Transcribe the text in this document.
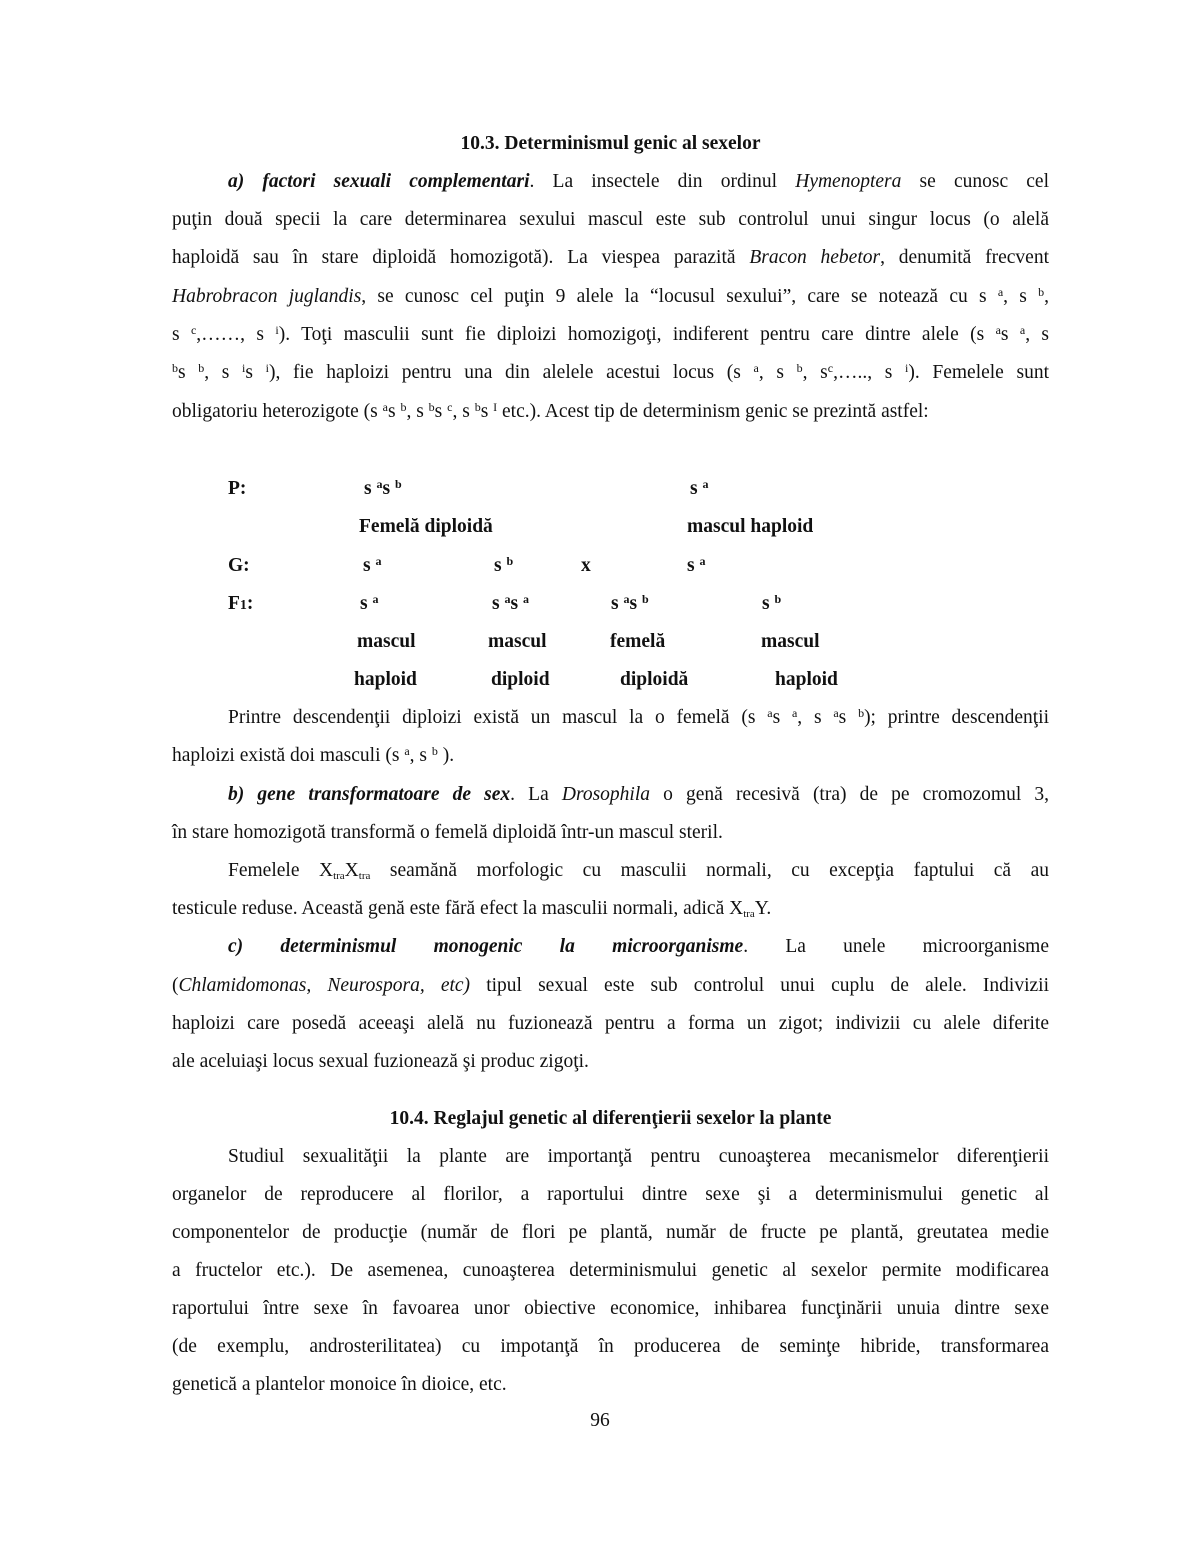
10.3. Determinismul genic al sexelor
a) factori sexuali complementari. La insectele din ordinul Hymenoptera se cunosc cel
puţin două specii la care determinarea sexului mascul este sub controlul unui singur locus (o alelă
haploidă sau în stare diploidă homozigotă). La viespea parazită Bracon hebetor, denumită frecvent
Habrobracon juglandis, se cunosc cel puţin 9 alele la “locusul sexului”, care se notează cu s $^a$, s $^b$,
s $^c$,……, s $^i$). Toţi masculii sunt fie diploizi homozigoţi, indiferent pentru care dintre alele (s $^a$s $^a$, s
$^b$s $^b$, s $^i$s $^i$), fie haploizi pentru una din alelele acestui locus (s $^a$, s $^b$, $s^c,\dots$.., s $^i$). Femelele sunt
obligatoriu heterozigote (s $^a$s $^b$, s $^b$s $^c$, s $^b$s $^I$ etc.). Acest tip de determinism genic se prezintă astfel:
P:	s $^a$s $^b$	s $^a$
Femelă diploidă	mascul haploid
G:	s $^a$	s $^b$	x	s $^a$
F1:	s $^a$	s $^a$s $^a$	s $^a$s $^b$	s $^b$
mascul	mascul	femelă	mascul
haploid	diploid	diploidă	haploid
Printre descendenţii diploizi există un mascul la o femelă (s $^a$s $^a$, s $^a$s $^b$); printre descendenţii
haploizi există doi masculi (s $^a$, s $^b$ ).
b) gene transformatoare de sex. La Drosophila o genă recesivă (tra) de pe cromozomul 3,
în stare homozigotă transformă o femelă diploidă într-un mascul steril.
Femelele $X_{tra}X_{tra}$ seamănă morfologic cu masculii normali, cu excepţia faptului că au
testicule reduse. Această genă este fără efect la masculii normali, adică $X_{tra}Y$.
c) determinismul monogenic la microorganisme. La unele microorganisme
(Chlamidomonas, Neurospora, etc) tipul sexual este sub controlul unui cuplu de alele. Indivizii
haploizi care posedă aceeaşi alelă nu fuzionează pentru a forma un zigot; indivizii cu alele diferite
ale aceluiaşi locus sexual fuzionează şi produc zigoţi.
10.4. Reglajul genetic al diferenţierii sexelor la plante
Studiul sexualităţii la plante are importanţă pentru cunoaşterea mecanismelor diferenţierii
organelor de reproducere al florilor, a raportului dintre sexe şi a determinismului genetic al
componentelor de producţie (număr de flori pe plantă, număr de fructe pe plantă, greutatea medie
a fructelor etc.). De asemenea, cunoaşterea determinismului genetic al sexelor permite modificarea
raportului între sexe în favoarea unor obiective economice, inhibarea funcţinării unuia dintre sexe
(de exemplu, androsterilitatea) cu impotanţă în producerea de seminţe hibride, transformarea
genetică a plantelor monoice în dioice, etc.
96
